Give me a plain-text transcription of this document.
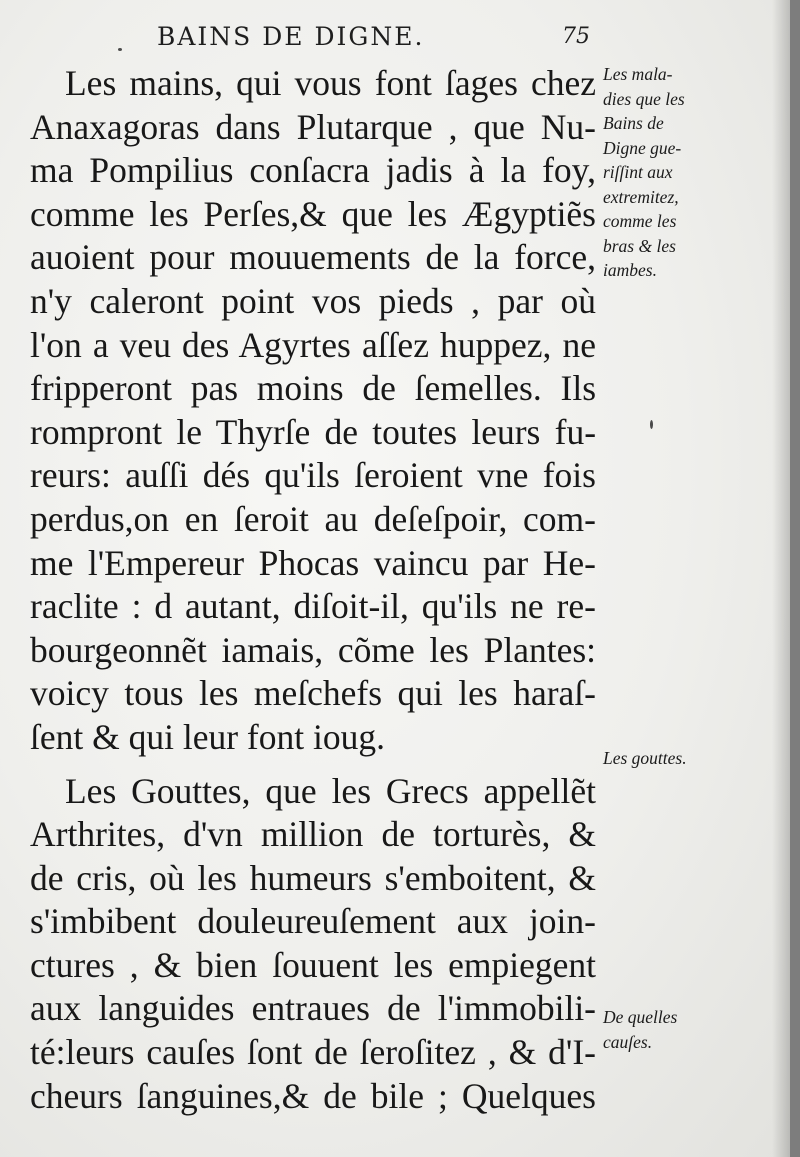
BAINS DE DIGNE.	75
Les mains, qui vous font ſages chez
Anaxagoras dans Plutarque , que Nu-
ma Pompilius conſacra jadis à la foy,
comme les Perſes,& que les Ægyptiẽs
auoient pour mouuements de la force,
n'y caleront point vos pieds , par où
l'on a veu des Agyrtes aſſez huppez, ne
fripperont pas moins de ſemelles. Ils
rompront le Thyrſe de toutes leurs fu-
reurs: auſſi dés qu'ils ſeroient vne fois
perdus,on en ſeroit au deſeſpoir, com-
me l'Empereur Phocas vaincu par He-
raclite : d autant, diſoit-il, qu'ils ne re-
bourgeonnẽt iamais, cõme les Plantes:
voicy tous les meſchefs qui les haraſ-
ſent & qui leur font ioug.
Les Gouttes, que les Grecs appellẽt
Arthrites, d'vn million de torturès, &
de cris, où les humeurs s'emboitent, &
s'imbibent douleureuſement aux join-
ctures , & bien ſouuent les empiegent
aux languides entraues de l'immobili-
té:leurs cauſes ſont de ſeroſitez , & d'I-
cheurs ſanguines,& de bile ; Quelques
Les mala-
dies que les
Bains de
Digne gue-
riſſint aux
extremitez,
comme les
bras & les
iambes.
Les gouttes.
De quelles
cauſes.
